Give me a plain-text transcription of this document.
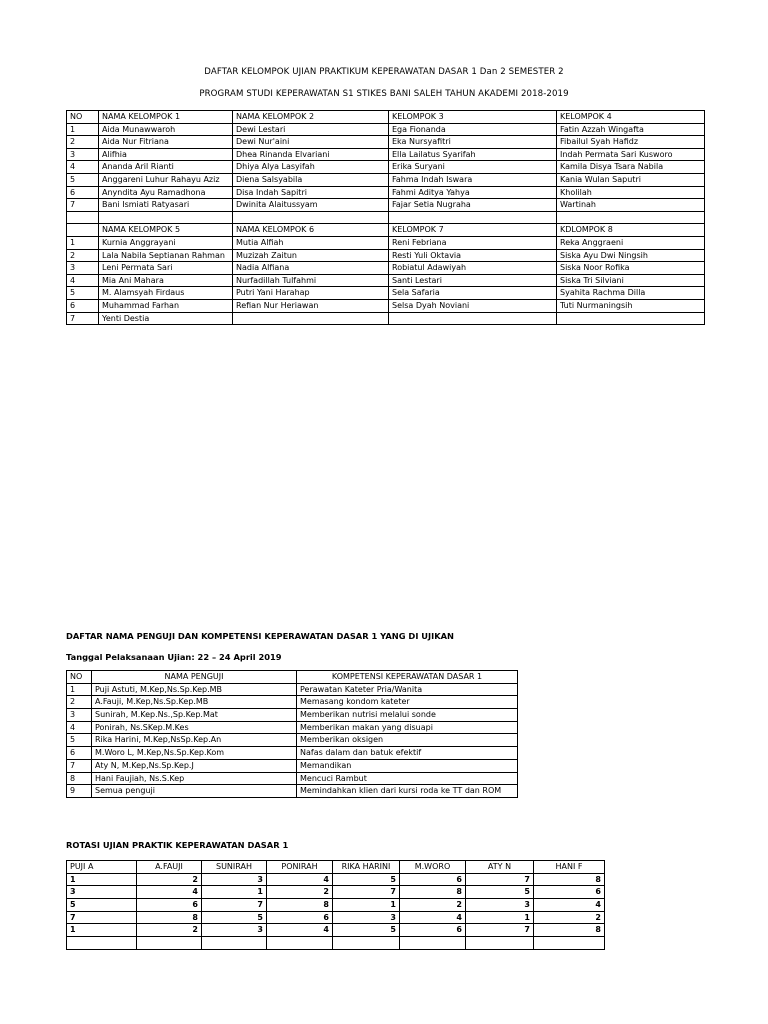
DAFTAR KELOMPOK UJIAN PRAKTIKUM KEPERAWATAN DASAR 1 Dan 2 SEMESTER 2
PROGRAM STUDI KEPERAWATAN S1 STIKES BANI SALEH TAHUN AKADEMI 2018-2019
NO	NAMA KELOMPOK 1	NAMA KELOMPOK 2	KELOMPOK 3	KELOMPOK 4
1	Aida Munawwaroh	Dewi Lestari	Ega Fionanda	Fatin Azzah Wingafta
2	Aida Nur Fitriana	Dewi Nur'aini	Eka Nursyafitri	Fibailul Syah Hafidz
3	Alifhia	Dhea Rinanda Elvariani	Ella Lailatus Syarifah	Indah Permata Sari Kusworo
4	Ananda Aril Rianti	Dhiya Alya Lasyifah	Erika Suryani	Kamila Disya Tsara Nabila
5	Anggareni Luhur Rahayu Aziz	Diena Salsyabila	Fahma Indah Iswara	Kania Wulan Saputri
6	Anyndita Ayu Ramadhona	Disa Indah Sapitri	Fahmi Aditya Yahya	Kholilah
7	Bani Ismiati Ratyasari	Dwinita Alaitussyam	Fajar Setia Nugraha	Wartinah

	NAMA KELOMPOK 5	NAMA KELOMPOK 6	KELOMPOK 7	KDLOMPOK 8
1	Kurnia Anggrayani	Mutia Alfiah	Reni Febriana	Reka Anggraeni
2	Lala Nabila Septianan Rahman	Muzizah Zaitun	Resti Yuli Oktavia	Siska Ayu Dwi Ningsih
3	Leni Permata Sari	Nadia Alfiana	Robiatul Adawiyah	Siska Noor Rofika
4	Mia Ani Mahara	Nurfadillah Tulfahmi	Santi Lestari	Siska Tri Silviani
5	M. Alamsyah Firdaus	Putri Yani Harahap	Sela Safaria	Syahita Rachma Dilla
6	Muhammad Farhan	Refian Nur Heriawan	Selsa Dyah Noviani	Tuti Nurmaningsih
7	Yenti Destia			
DAFTAR NAMA PENGUJI DAN KOMPETENSI KEPERAWATAN DASAR 1 YANG DI UJIKAN
Tanggal Pelaksanaan Ujian: 22 – 24 April 2019
NO	NAMA PENGUJI	KOMPETENSI KEPERAWATAN DASAR 1
1	Puji Astuti, M.Kep,Ns.Sp.Kep.MB	Perawatan Kateter Pria/Wanita
2	A.Fauji, M.Kep,Ns.Sp.Kep.MB	Memasang kondom kateter
3	Sunirah, M.Kep.Ns.,Sp.Kep.Mat	Memberikan nutrisi melalui sonde
4	Ponirah, Ns.SKep.M.Kes	Memberikan makan yang disuapi
5	Rika Harini, M.Kep,NsSp.Kep.An	Memberikan oksigen
6	M.Woro L, M.Kep,Ns.Sp.Kep.Kom	Nafas dalam dan batuk efektif
7	Aty N, M.Kep,Ns.Sp.Kep.J	Memandikan
8	Hani Faujiah, Ns.S.Kep	Mencuci Rambut
9	Semua penguji	Memindahkan klien dari kursi roda ke TT dan ROM
ROTASI UJIAN PRAKTIK KEPERAWATAN DASAR 1
PUJI A	A.FAUJI	SUNIRAH	PONIRAH	RIKA HARINI	M.WORO	ATY N	HANI F
1	2	3	4	5	6	7	8
3	4	1	2	7	8	5	6
5	6	7	8	1	2	3	4
7	8	5	6	3	4	1	2
1	2	3	4	5	6	7	8
